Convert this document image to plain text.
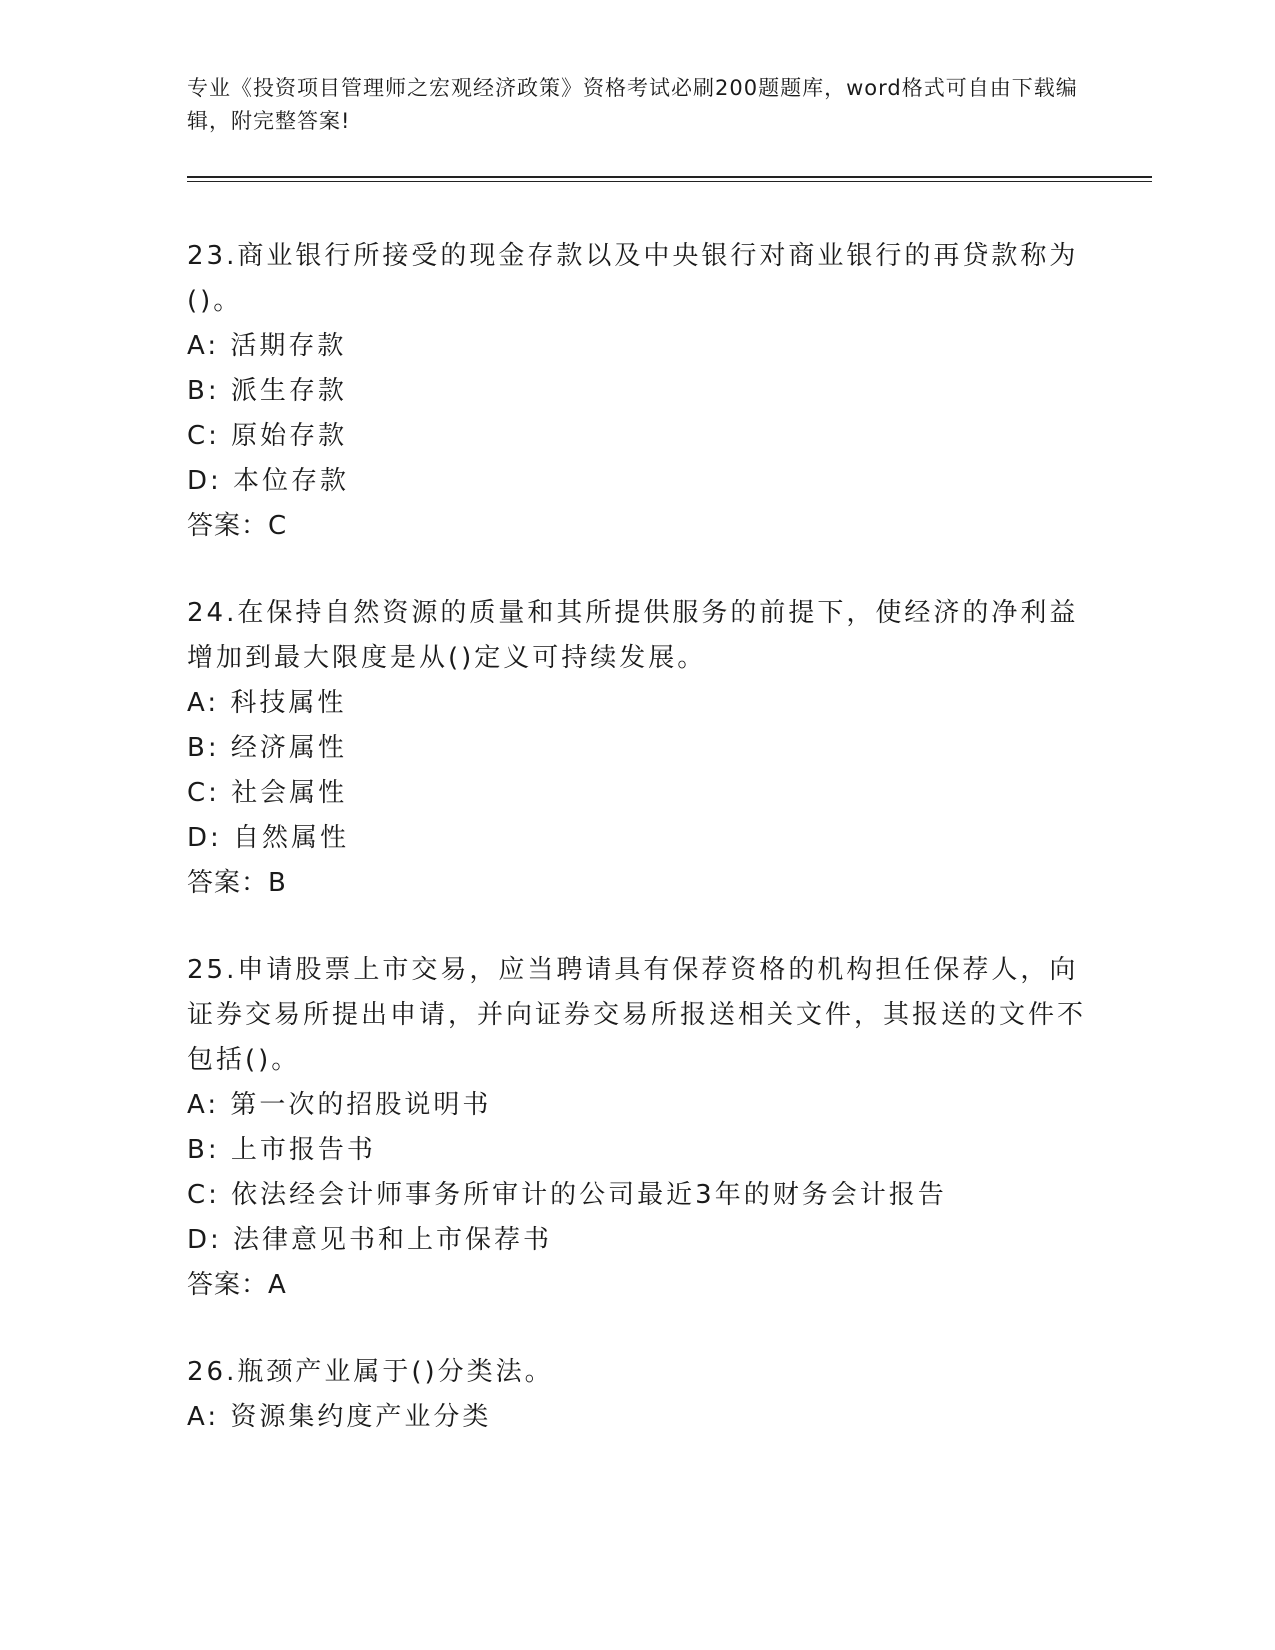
专业《投资项目管理师之宏观经济政策》资格考试必刷200题题库，word格式可自由下载编辑，附完整答案!

23.商业银行所接受的现金存款以及中央银行对商业银行的再贷款称为()。

A: 活期存款

B: 派生存款

C: 原始存款

D: 本位存款

答案：C

24.在保持自然资源的质量和其所提供服务的前提下，使经济的净利益增加到最大限度是从()定义可持续发展。

A: 科技属性

B: 经济属性

C: 社会属性

D: 自然属性

答案：B

25.申请股票上市交易，应当聘请具有保荐资格的机构担任保荐人，向证券交易所提出申请，并向证券交易所报送相关文件，其报送的文件不包括()。

A: 第一次的招股说明书

B: 上市报告书

C: 依法经会计师事务所审计的公司最近3年的财务会计报告

D: 法律意见书和上市保荐书

答案：A

26.瓶颈产业属于()分类法。

A: 资源集约度产业分类
